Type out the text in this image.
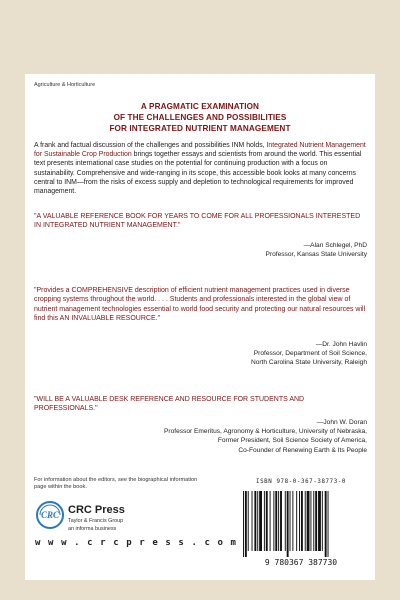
Agriculture & Horticulture
A PRAGMATIC EXAMINATION
OF THE CHALLENGES AND POSSIBILITIES
FOR INTEGRATED NUTRIENT MANAGEMENT
A frank and factual discussion of the challenges and possibilities INM holds, Integrated Nutrient Management for Sustainable Crop Production brings together essays and scientists from around the world. This essential text presents international case studies on the potential for continuing production with a focus on sustainability. Comprehensive and wide-ranging in its scope, this accessible book looks at many concerns central to INM—from the risks of excess supply and depletion to technological requirements for improved management.
"A VALUABLE REFERENCE BOOK FOR YEARS TO COME FOR ALL PROFESSIONALS INTERESTED IN INTEGRATED NUTRIENT MANAGEMENT."
—Alan Schlegel, PhD
Professor, Kansas State University
"Provides a COMPREHENSIVE description of efficient nutrient management practices used in diverse cropping systems throughout the world. . . . Students and professionals interested in the global view of nutrient management technologies essential to world food security and protecting our natural resources will find this AN INVALUABLE RESOURCE."
—Dr. John Havlin
Professor, Department of Soil Science,
North Carolina State University, Raleigh
"WILL BE A VALUABLE DESK REFERENCE AND RESOURCE FOR STUDENTS AND PROFESSIONALS."
—John W. Doran
Professor Emeritus, Agronomy & Horticulture, University of Nebraska,
Former President, Soil Science Society of America,
Co-Founder of Renewing Earth & Its People
For information about the editors, see the biographical information page within the book.
CRC CRC Press
Taylor & Francis Group
an informa business
w w w . c r c p r e s s . c o m
ISBN 978-0-367-38773-0
9 780367 387730
